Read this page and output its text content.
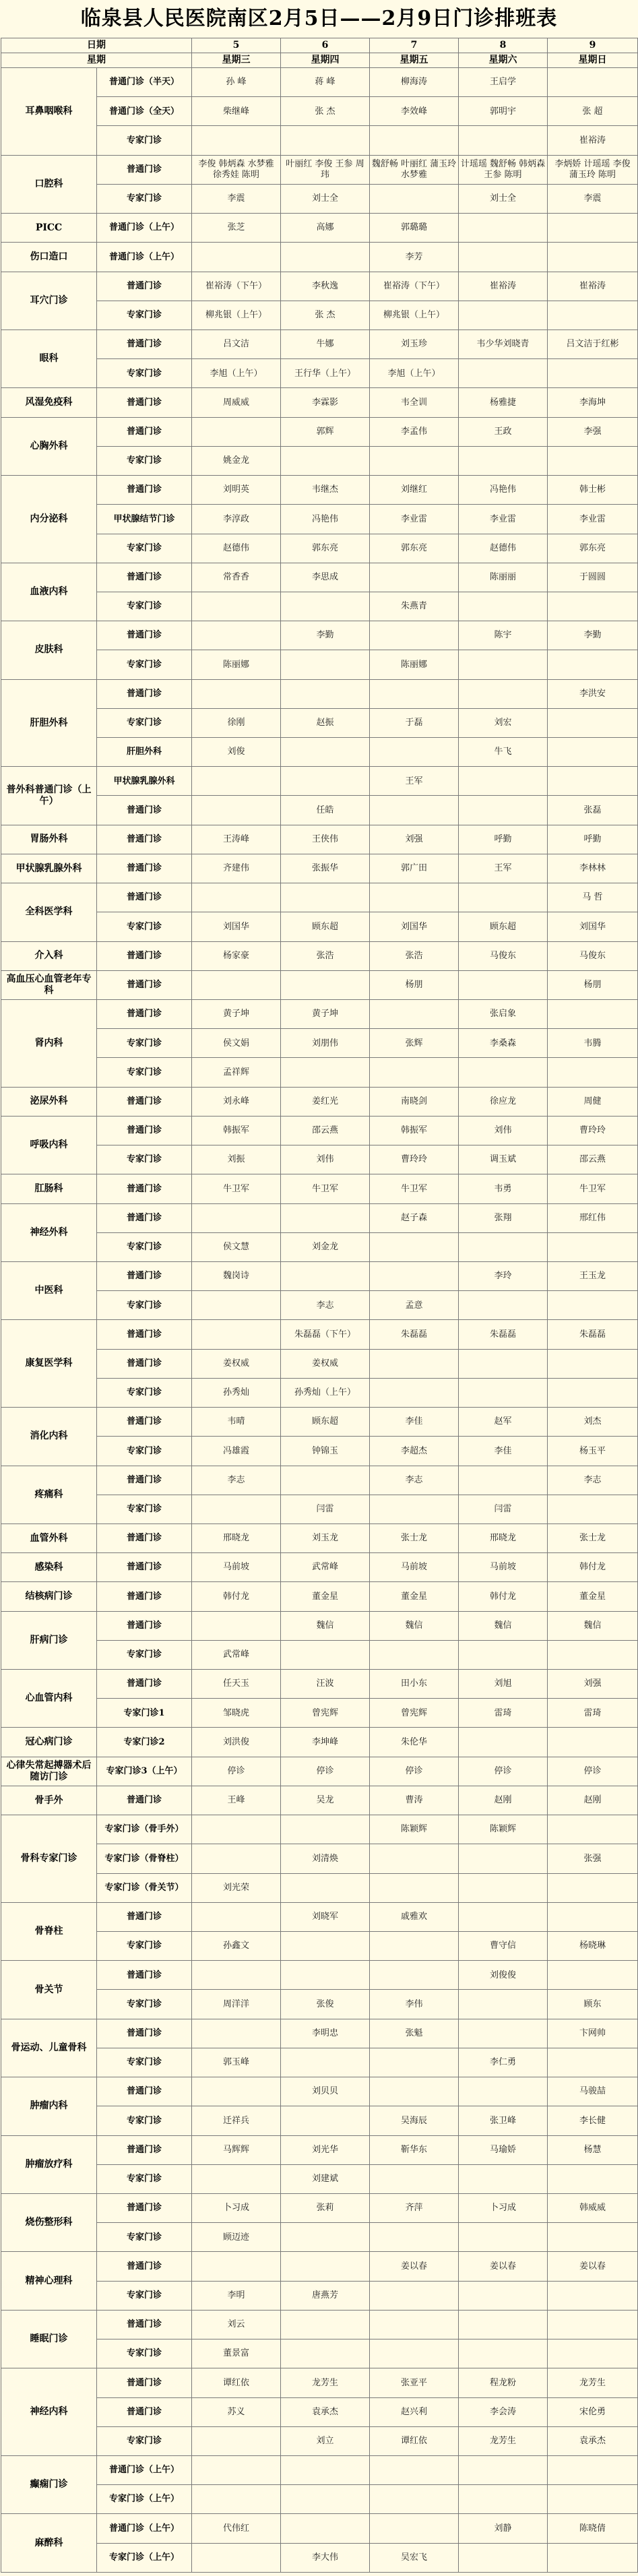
临泉县人民医院南区2月5日——2月9日门诊排班表
日期		5	6	7	8	9
星期		星期三	星期四	星期五	星期六	星期日
耳鼻咽喉科	普通门诊（半天）	孙 峰	蒋 峰	柳海涛	王启学	
	普通门诊（全天）	柴继峰	张 杰	李效峰	郭明宇	张 超
	专家门诊					崔裕涛
口腔科	普通门诊	李俊 韩炳森 水梦雅 徐秀娃 陈明	叶丽红 李俊 王参 周 玮	魏舒畅 叶丽红 蒲玉玲 水梦雅	计瑶瑶 魏舒畅 韩炳森 王参 陈明	李炳娇 计瑶瑶 李俊 蒲玉玲 陈明
	专家门诊	李震	刘士全		刘士全	李震
PICC	普通门诊（上午）	张芝	高娜	郭璐璐		
伤口造口	普通门诊（上午）			李芳		
耳穴门诊	普通门诊	崔裕涛（下午）	李秋逸	崔裕涛（下午）	崔裕涛	崔裕涛
	专家门诊	柳兆银（上午）	张 杰	柳兆银（上午）		
眼科	普通门诊	吕文洁	牛娜	刘玉珍	韦少华刘晓青	吕文洁于红彬
	专家门诊	李旭（上午）	王行华（上午）	李旭（上午）		
风湿免疫科	普通门诊	周威威	李霖影	韦全训	杨雅捷	李海坤
心胸外科	普通门诊		郭辉	李孟伟	王政	李强
	专家门诊	姚金龙				
内分泌科	普通门诊	刘明英	韦继杰	刘继红	冯艳伟	韩士彬
	甲状腺结节门诊	李淳政	冯艳伟	李业雷	李业雷	李业雷
	专家门诊	赵德伟	郭东亮	郭东亮	赵德伟	郭东亮
血液内科	普通门诊	常香香	李思成		陈丽丽	于圆圆
	专家门诊			朱燕青		
皮肤科	普通门诊		李勤		陈宇	李勤
	专家门诊	陈丽娜		陈丽娜		
肝胆外科	普通门诊					李洪安
	专家门诊	徐刚	赵振	于磊	刘宏	
	肝胆外科	刘俊			牛飞	
普外科普通门诊（上午）	甲状腺乳腺外科			王军		
	普通门诊		任皓			张磊
胃肠外科	普通门诊	王涛峰	王侠伟	刘强	呼勤	呼勤
甲状腺乳腺外科	普通门诊	齐建伟	张振华	郭广田	王军	李林林
全科医学科	普通门诊					马 哲
	专家门诊	刘国华	顾东超	刘国华	顾东超	刘国华
介入科	普通门诊	杨家豪	张浩	张浩	马俊东	马俊东
高血压心血管老年专科	普通门诊			杨朋		杨朋
肾内科	普通门诊	黄子坤	黄子坤		张启象	
	专家门诊	侯文娟	刘朋伟	张辉	李桑森	韦腾
	专家门诊	孟祥辉				
泌尿外科	普通门诊	刘永峰	姜红光	南晓剑	徐应龙	周健
呼吸内科	普通门诊	韩振军	邵云燕	韩振军	刘伟	曹玲玲
	专家门诊	刘振	刘伟	曹玲玲	调玉斌	邵云燕
肛肠科	普通门诊	牛卫军	牛卫军	牛卫军	韦勇	牛卫军
神经外科	普通门诊			赵子森	张翔	邢红伟
	专家门诊	侯文慧	刘金龙			
中医科	普通门诊	魏岗诗			李玲	王玉龙
	专家门诊		李志	孟意		
康复医学科	普通门诊		朱磊磊（下午）	朱磊磊	朱磊磊	朱磊磊
	普通门诊	姜权威	姜权威			
	专家门诊	孙秀灿	孙秀灿（上午）			
消化内科	普通门诊	韦晴	顾东超	李佳	赵军	刘杰
	专家门诊	冯雄霞	钟锦玉	李超杰	李佳	杨玉平
疼痛科	普通门诊	李志		李志		李志
	专家门诊		闫雷		闫雷	
血管外科	普通门诊	邢晓龙	刘玉龙	张士龙	邢晓龙	张士龙
感染科	普通门诊	马前坡	武常峰	马前坡	马前坡	韩付龙
结核病门诊	普通门诊	韩付龙	董金星	董金星	韩付龙	董金星
肝病门诊	普通门诊		魏信	魏信	魏信	魏信
	专家门诊	武常峰				
心血管内科	普通门诊	任天玉	汪波	田小东	刘旭	刘强
	专家门诊1	邹晓虎	曾宪辉	曾宪辉	雷琦	雷琦
冠心病门诊	专家门诊2	刘洪俊	李坤峰	朱伦华		
心律失常起搏器术后随访门诊	专家门诊3（上午）	停诊	停诊	停诊	停诊	停诊
骨手外	普通门诊	王峰	吴龙	曹涛	赵刚	赵刚
骨科专家门诊	专家门诊（骨手外）			陈颖辉	陈颖辉	
	专家门诊（骨脊柱）		刘清焕			张强
	专家门诊（骨关节）	刘光荣				
骨脊柱	普通门诊		刘晓军	戚雅欢		
	专家门诊	孙鑫文			曹守信	杨晓琳
骨关节	普通门诊				刘俊俊	
	专家门诊	周洋洋	张俊	李伟		顾东
骨运动、儿童骨科	普通门诊		李明忠	张魁		卞网帅
	专家门诊	郭玉峰			李仁勇	
肿瘤内科	普通门诊		刘贝贝			马骏喆
	专家门诊	迁祥兵		吴海辰	张卫峰	李长健
肿瘤放疗科	普通门诊	马辉辉	刘光华	靳华东	马瑜娇	杨慧
	专家门诊		刘建斌			
烧伤整形科	普通门诊	卜习成	张莉	齐萍	卜习成	韩威威
	专家门诊	顾迈迹				
精神心理科	普通门诊			姜以春	姜以春	姜以春
	专家门诊	李明	唐燕芳			
睡眠门诊	普通门诊	刘云				
	专家门诊	董景富				
神经内科	普通门诊	谭红依	龙芳生	张亚平	程龙粉	龙芳生
	普通门诊	苏义	袁承杰	赵兴利	李会涛	宋伦勇
	专家门诊		刘立	谭红依	龙芳生	袁承杰
癫痫门诊	普通门诊（上午）					
	专家门诊（上午）					
麻醉科	普通门诊（上午）	代伟红			刘静	陈晓倩
	专家门诊（上午）		李大伟	吴宏飞		
